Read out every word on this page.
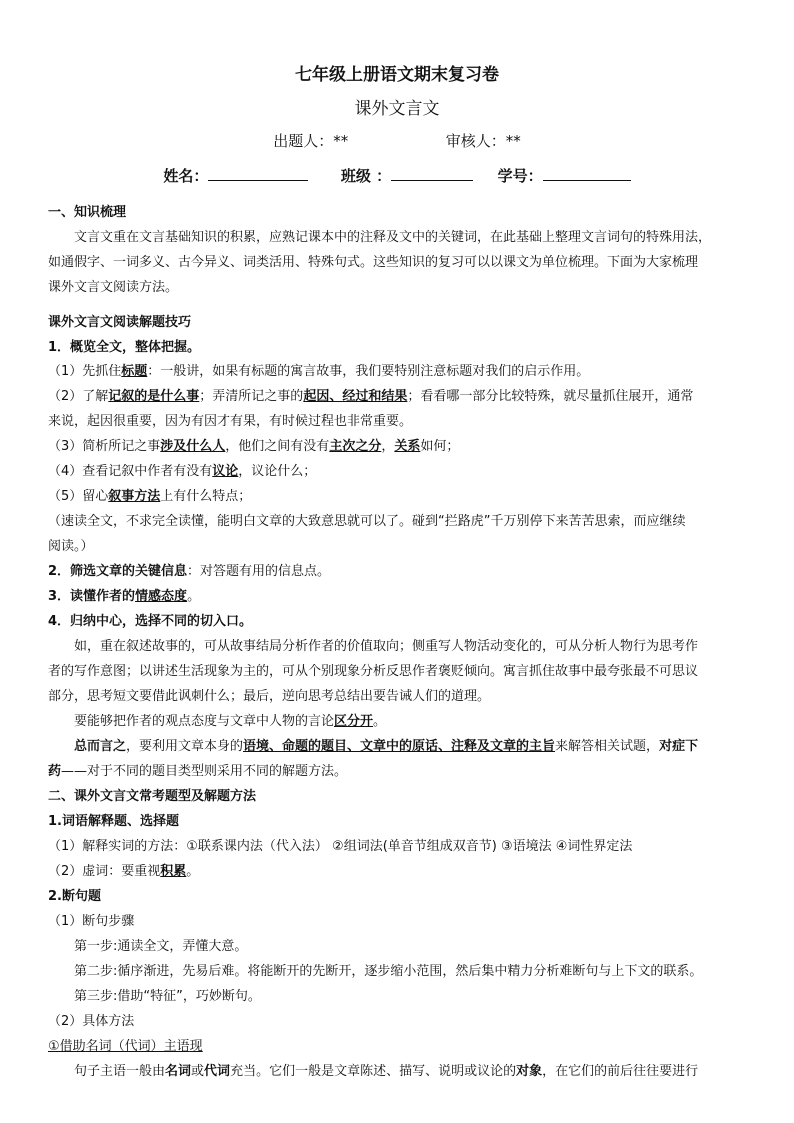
七年级上册语文期末复习卷
课外文言文
出题人：**	审核人：**
姓名：	班级 ：	学号：
一、知识梳理
文言文重在文言基础知识的积累，应熟记课本中的注释及文中的关键词，在此基础上整理文言词句的特殊用法，
如通假字、一词多义、古今异义、词类活用、特殊句式。这些知识的复习可以以课文为单位梳理。下面为大家梳理
课外文言文阅读方法。
课外文言文阅读解题技巧
1．概览全文，整体把握。
（1）先抓住标题：一般讲，如果有标题的寓言故事，我们要特别注意标题对我们的启示作用。
（2）了解记叙的是什么事；弄清所记之事的起因、经过和结果；看看哪一部分比较特殊，就尽量抓住展开，通常
来说，起因很重要，因为有因才有果，有时候过程也非常重要。
（3）简析所记之事涉及什么人，他们之间有没有主次之分，关系如何；
（4）查看记叙中作者有没有议论，议论什么；
（5）留心叙事方法上有什么特点；
（速读全文，不求完全读懂，能明白文章的大致意思就可以了。碰到“拦路虎”千万别停下来苦苦思索，而应继续
阅读。）
2．筛选文章的关键信息：对答题有用的信息点。
3．读懂作者的情感态度。
4．归纳中心，选择不同的切入口。
如，重在叙述故事的，可从故事结局分析作者的价值取向；侧重写人物活动变化的，可从分析人物行为思考作
者的写作意图；以讲述生活现象为主的，可从个别现象分析反思作者褒贬倾向。寓言抓住故事中最夸张最不可思议
部分，思考短文要借此讽刺什么；最后，逆向思考总结出要告诫人们的道理。
要能够把作者的观点态度与文章中人物的言论区分开。
总而言之，要利用文章本身的语境、命题的题目、文章中的原话、注释及文章的主旨来解答相关试题，对症下
药——对于不同的题目类型则采用不同的解题方法。
二、课外文言文常考题型及解题方法
1.词语解释题、选择题
（1）解释实词的方法：①联系课内法（代入法） ②组词法(单音节组成双音节) ③语境法 ④词性界定法
（2）虚词：要重视积累。
2.断句题
（1）断句步骤
第一步:通读全文，弄懂大意。
第二步:循序渐进，先易后难。将能断开的先断开，逐步缩小范围，然后集中精力分析难断句与上下文的联系。
第三步:借助“特征”，巧妙断句。
（2）具体方法
①借助名词（代词）主语现
句子主语一般由名词或代词充当。它们一般是文章陈述、描写、说明或议论的对象，在它们的前后往往要进行
